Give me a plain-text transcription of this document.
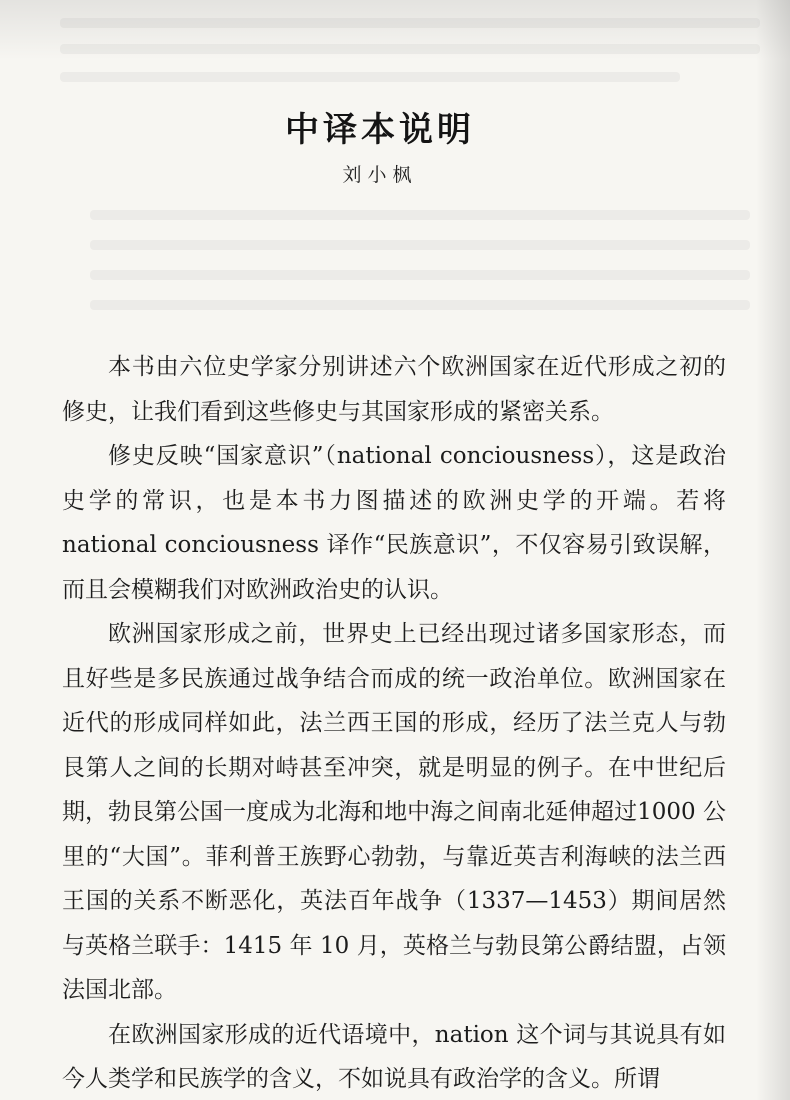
中译本说明
刘小枫

本书由六位史学家分别讲述六个欧洲国家在近代形成之初的修史，让我们看到这些修史与其国家形成的紧密关系。

修史反映“国家意识”（national conciousness），这是政治史学的常识，也是本书力图描述的欧洲史学的开端。若将 national conciousness 译作“民族意识”，不仅容易引致误解，而且会模糊我们对欧洲政治史的认识。

欧洲国家形成之前，世界史上已经出现过诸多国家形态，而且好些是多民族通过战争结合而成的统一政治单位。欧洲国家在近代的形成同样如此，法兰西王国的形成，经历了法兰克人与勃艮第人之间的长期对峙甚至冲突，就是明显的例子。在中世纪后期，勃艮第公国一度成为北海和地中海之间南北延伸超过1000 公里的“大国”。菲利普王族野心勃勃，与靠近英吉利海峡的法兰西王国的关系不断恶化，英法百年战争（1337—1453）期间居然与英格兰联手：1415 年 10 月，英格兰与勃艮第公爵结盟，占领法国北部。

在欧洲国家形成的近代语境中，nation 这个词与其说具有如今人类学和民族学的含义，不如说具有政治学的含义。所谓
